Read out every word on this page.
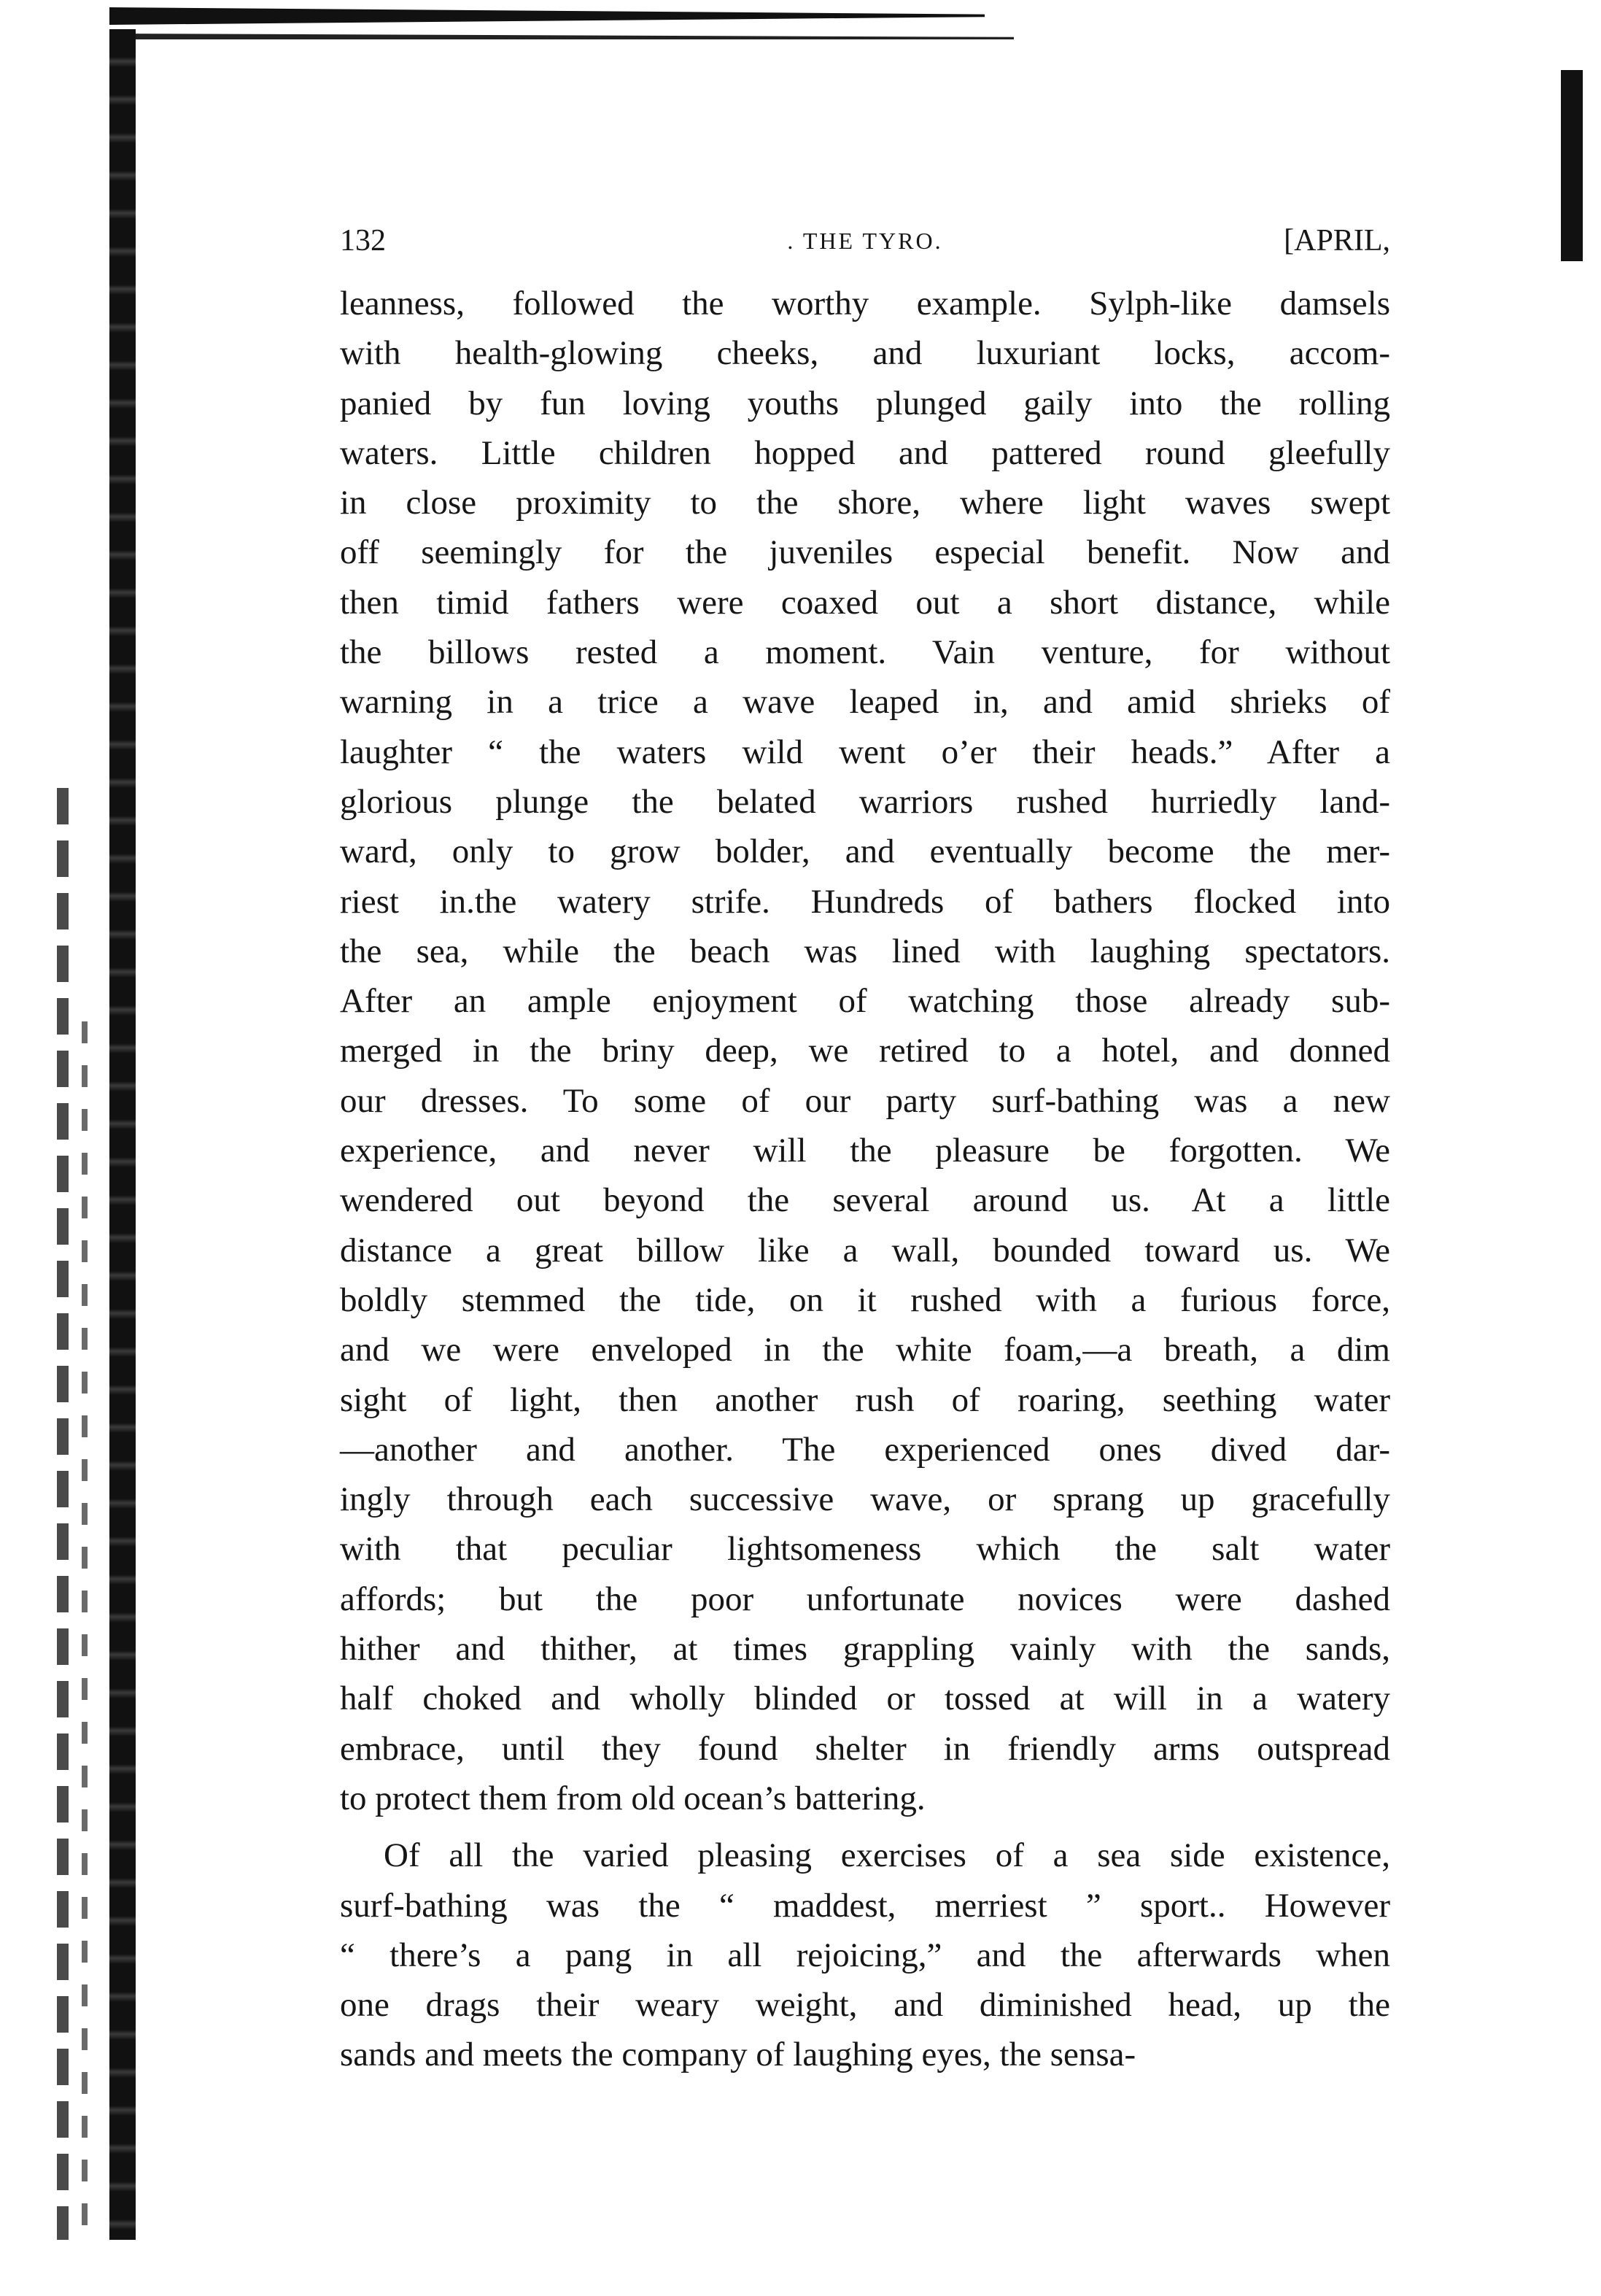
132	. THE TYRO.	[APRIL,
leanness, followed the worthy example. Sylph-like damsels
with health-glowing cheeks, and luxuriant locks, accom-
panied by fun loving youths plunged gaily into the rolling
waters. Little children hopped and pattered round gleefully
in close proximity to the shore, where light waves swept
off seemingly for the juveniles especial benefit. Now and
then timid fathers were coaxed out a short distance, while
the billows rested a moment. Vain venture, for without
warning in a trice a wave leaped in, and amid shrieks of
laughter “ the waters wild went o’er their heads.” After a
glorious plunge the belated warriors rushed hurriedly land-
ward, only to grow bolder, and eventually become the mer-
riest in.the watery strife. Hundreds of bathers flocked into
the sea, while the beach was lined with laughing spectators.
After an ample enjoyment of watching those already sub-
merged in the briny deep, we retired to a hotel, and donned
our dresses. To some of our party surf-bathing was a new
experience, and never will the pleasure be forgotten. We
wendered out beyond the several around us. At a little
distance a great billow like a wall, bounded toward us. We
boldly stemmed the tide, on it rushed with a furious force,
and we were enveloped in the white foam,—a breath, a dim
sight of light, then another rush of roaring, seething water
—another and another. The experienced ones dived dar-
ingly through each successive wave, or sprang up gracefully
with that peculiar lightsomeness which the salt water
affords; but the poor unfortunate novices were dashed
hither and thither, at times grappling vainly with the sands,
half choked and wholly blinded or tossed at will in a watery
embrace, until they found shelter in friendly arms outspread
to protect them from old ocean’s battering.
Of all the varied pleasing exercises of a sea side existence,
surf-bathing was the “ maddest, merriest ” sport.. However
“ there’s a pang in all rejoicing,” and the afterwards when
one drags their weary weight, and diminished head, up the
sands and meets the company of laughing eyes, the sensa-
